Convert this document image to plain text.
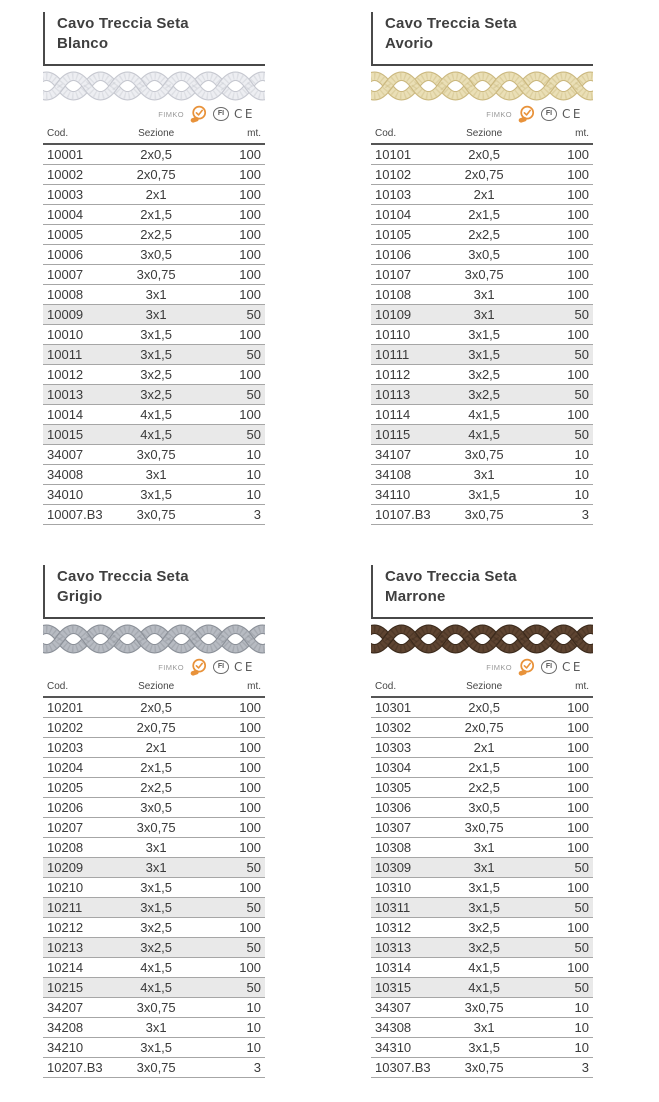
Cavo Treccia Seta
Blanco
FIMKO	FI CE
Cod.	Sezione	mt.
10001	2x0,5	100
10002	2x0,75	100
10003	2x1	100
10004	2x1,5	100
10005	2x2,5	100
10006	3x0,5	100
10007	3x0,75	100
10008	3x1	100
10009	3x1	50
10010	3x1,5	100
10011	3x1,5	50
10012	3x2,5	100
10013	3x2,5	50
10014	4x1,5	100
10015	4x1,5	50
34007	3x0,75	10
34008	3x1	10
34010	3x1,5	10
10007.B3	3x0,75	3
Cavo Treccia Seta
Avorio
FIMKO	FI CE
Cod.	Sezione	mt.
10101	2x0,5	100
10102	2x0,75	100
10103	2x1	100
10104	2x1,5	100
10105	2x2,5	100
10106	3x0,5	100
10107	3x0,75	100
10108	3x1	100
10109	3x1	50
10110	3x1,5	100
10111	3x1,5	50
10112	3x2,5	100
10113	3x2,5	50
10114	4x1,5	100
10115	4x1,5	50
34107	3x0,75	10
34108	3x1	10
34110	3x1,5	10
10107.B3	3x0,75	3
Cavo Treccia Seta
Grigio
FIMKO	FI CE
Cod.	Sezione	mt.
10201	2x0,5	100
10202	2x0,75	100
10203	2x1	100
10204	2x1,5	100
10205	2x2,5	100
10206	3x0,5	100
10207	3x0,75	100
10208	3x1	100
10209	3x1	50
10210	3x1,5	100
10211	3x1,5	50
10212	3x2,5	100
10213	3x2,5	50
10214	4x1,5	100
10215	4x1,5	50
34207	3x0,75	10
34208	3x1	10
34210	3x1,5	10
10207.B3	3x0,75	3
Cavo Treccia Seta
Marrone
FIMKO	FI CE
Cod.	Sezione	mt.
10301	2x0,5	100
10302	2x0,75	100
10303	2x1	100
10304	2x1,5	100
10305	2x2,5	100
10306	3x0,5	100
10307	3x0,75	100
10308	3x1	100
10309	3x1	50
10310	3x1,5	100
10311	3x1,5	50
10312	3x2,5	100
10313	3x2,5	50
10314	4x1,5	100
10315	4x1,5	50
34307	3x0,75	10
34308	3x1	10
34310	3x1,5	10
10307.B3	3x0,75	3
